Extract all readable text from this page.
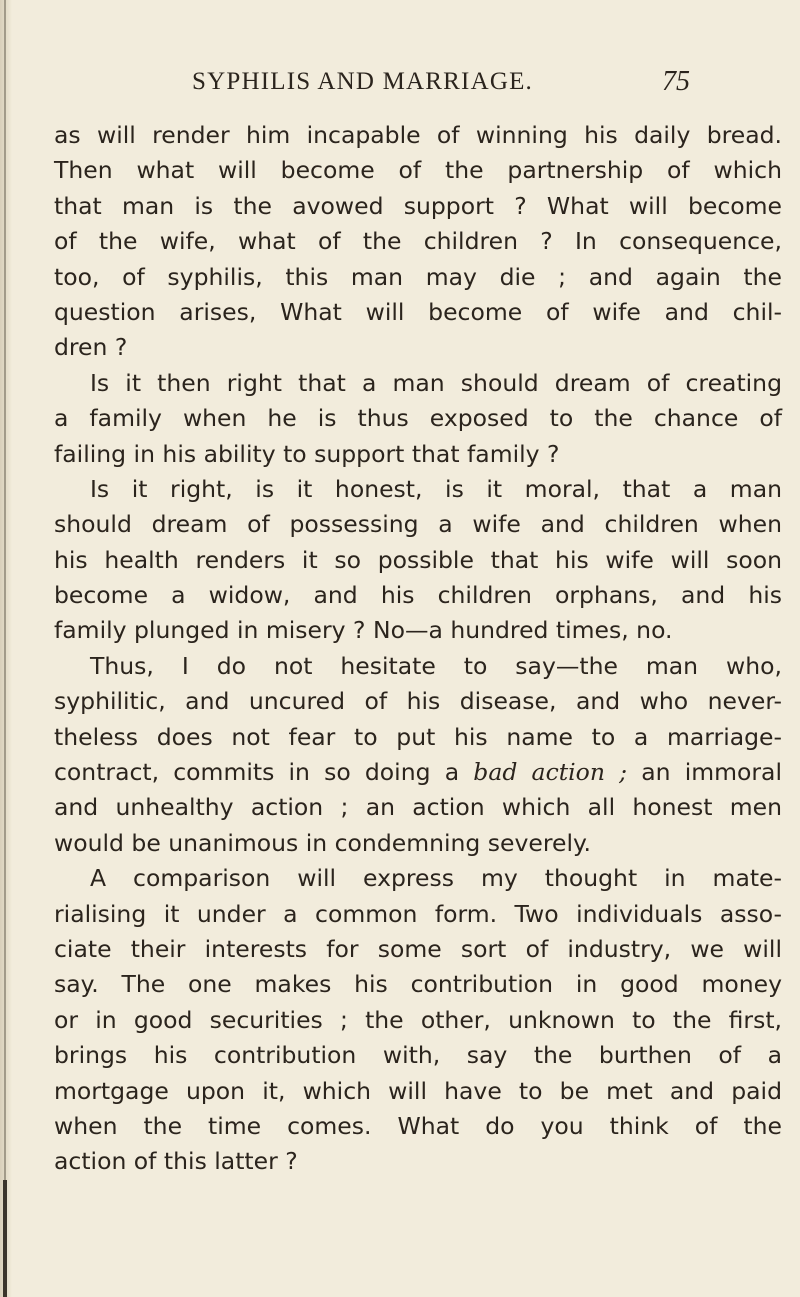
SYPHILIS AND MARRIAGE.	75
as will render him incapable of winning his daily bread.
Then what will become of the partnership of which
that man is the avowed support ? What will become
of the wife, what of the children ? In consequence,
too, of syphilis, this man may die ; and again the
question arises, What will become of wife and chil-
dren ?
Is it then right that a man should dream of creating
a family when he is thus exposed to the chance of
failing in his ability to support that family ?
Is it right, is it honest, is it moral, that a man
should dream of possessing a wife and children when
his health renders it so possible that his wife will soon
become a widow, and his children orphans, and his
family plunged in misery ? No—a hundred times, no.
Thus, I do not hesitate to say—the man who,
syphilitic, and uncured of his disease, and who never-
theless does not fear to put his name to a marriage-
contract, commits in so doing a bad action ; an immoral
and unhealthy action ; an action which all honest men
would be unanimous in condemning severely.
A comparison will express my thought in mate-
rialising it under a common form. Two individuals asso-
ciate their interests for some sort of industry, we will
say. The one makes his contribution in good money
or in good securities ; the other, unknown to the first,
brings his contribution with, say the burthen of a
mortgage upon it, which will have to be met and paid
when the time comes. What do you think of the
action of this latter ?
